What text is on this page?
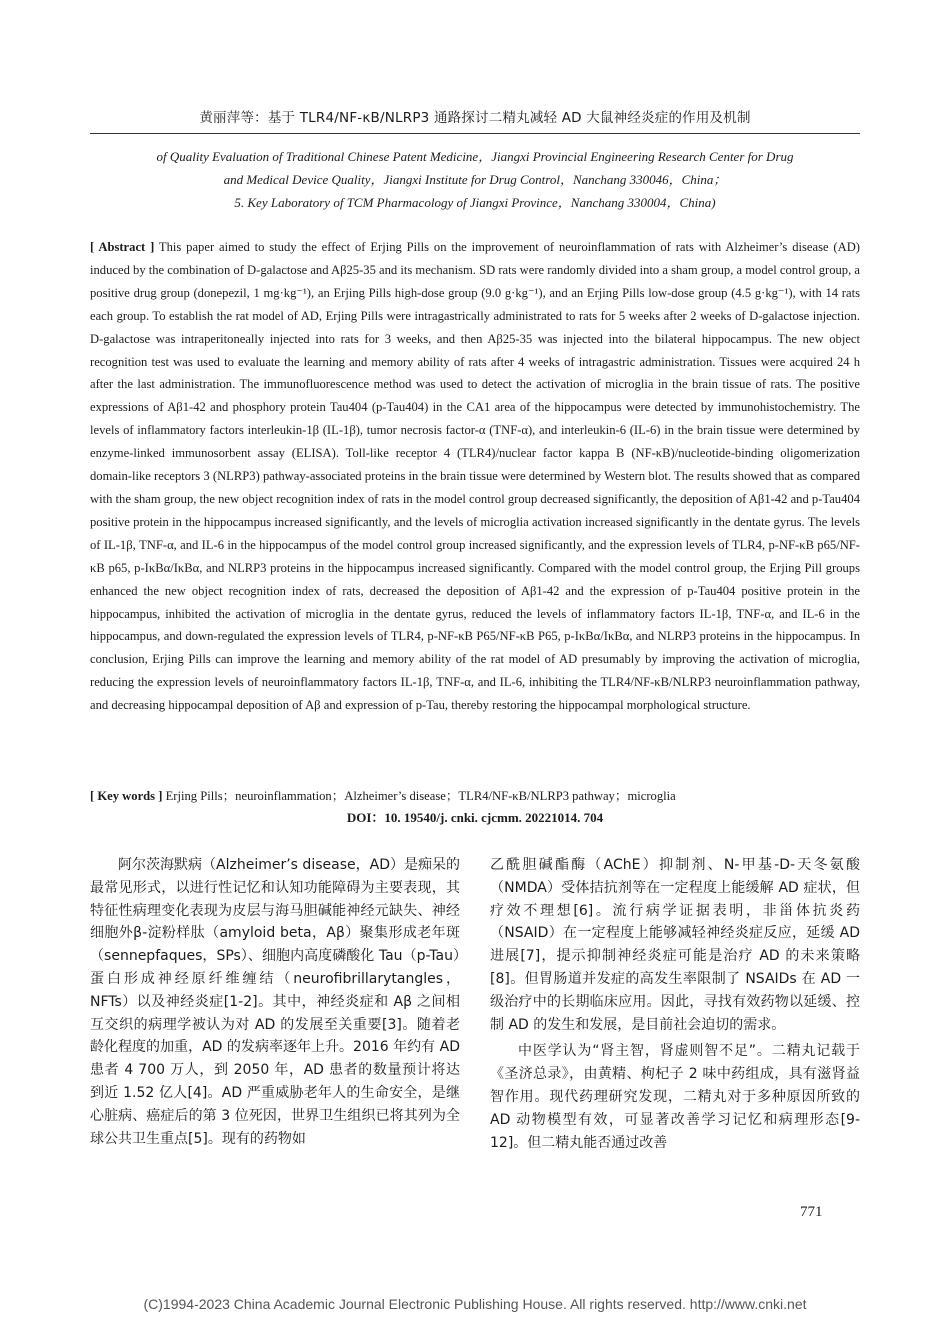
黄丽萍等：基于 TLR4/NF-κB/NLRP3 通路探讨二精丸减轻 AD 大鼠神经炎症的作用及机制
of Quality Evaluation of Traditional Chinese Patent Medicine，Jiangxi Provincial Engineering Research Center for Drug
and Medical Device Quality，Jiangxi Institute for Drug Control，Nanchang 330046，China；
5. Key Laboratory of TCM Pharmacology of Jiangxi Province，Nanchang 330004，China)
[ Abstract ] This paper aimed to study the effect of Erjing Pills on the improvement of neuroinflammation of rats with Alzheimer’s disease (AD) induced by the combination of D-galactose and Aβ25-35 and its mechanism. SD rats were randomly divided into a sham group, a model control group, a positive drug group (donepezil, 1 mg·kg⁻¹), an Erjing Pills high-dose group (9.0 g·kg⁻¹), and an Erjing Pills low-dose group (4.5 g·kg⁻¹), with 14 rats each group. To establish the rat model of AD, Erjing Pills were intragastrically administrated to rats for 5 weeks after 2 weeks of D-galactose injection. D-galactose was intraperitoneally injected into rats for 3 weeks, and then Aβ25-35 was injected into the bilateral hippocampus. The new object recognition test was used to evaluate the learning and memory ability of rats after 4 weeks of intragastric administration. Tissues were acquired 24 h after the last administration. The immunofluorescence method was used to detect the activation of microglia in the brain tissue of rats. The positive expressions of Aβ1-42 and phosphory protein Tau404 (p-Tau404) in the CA1 area of the hippocampus were detected by immunohistochemistry. The levels of inflammatory factors interleukin-1β (IL-1β), tumor necrosis factor-α (TNF-α), and interleukin-6 (IL-6) in the brain tissue were determined by enzyme-linked immunosorbent assay (ELISA). Toll-like receptor 4 (TLR4)/nuclear factor kappa B (NF-κB)/nucleotide-binding oligomerization domain-like receptors 3 (NLRP3) pathway-associated proteins in the brain tissue were determined by Western blot. The results showed that as compared with the sham group, the new object recognition index of rats in the model control group decreased significantly, the deposition of Aβ1-42 and p-Tau404 positive protein in the hippocampus increased significantly, and the levels of microglia activation increased significantly in the dentate gyrus. The levels of IL-1β, TNF-α, and IL-6 in the hippocampus of the model control group increased significantly, and the expression levels of TLR4, p-NF-κB p65/NF-κB p65, p-IκBα/IκBα, and NLRP3 proteins in the hippocampus increased significantly. Compared with the model control group, the Erjing Pill groups enhanced the new object recognition index of rats, decreased the deposition of Aβ1-42 and the expression of p-Tau404 positive protein in the hippocampus, inhibited the activation of microglia in the dentate gyrus, reduced the levels of inflammatory factors IL-1β, TNF-α, and IL-6 in the hippocampus, and down-regulated the expression levels of TLR4, p-NF-κB P65/NF-κB P65, p-IκBα/IκBα, and NLRP3 proteins in the hippocampus. In conclusion, Erjing Pills can improve the learning and memory ability of the rat model of AD presumably by improving the activation of microglia, reducing the expression levels of neuroinflammatory factors IL-1β, TNF-α, and IL-6, inhibiting the TLR4/NF-κB/NLRP3 neuroinflammation pathway, and decreasing hippocampal deposition of Aβ and expression of p-Tau, thereby restoring the hippocampal morphological structure.
[ Key words ] Erjing Pills；neuroinflammation；Alzheimer’s disease；TLR4/NF-κB/NLRP3 pathway；microglia
DOI：10. 19540/j. cnki. cjcmm. 20221014. 704

阿尔茨海默病（Alzheimer’s disease，AD）是痴呆的最常见形式，以进行性记忆和认知功能障碍为主要表现，其特征性病理变化表现为皮层与海马胆碱能神经元缺失、神经细胞外β-淀粉样肽（amyloid beta，Aβ）聚集形成老年斑（sennepfaques，SPs）、细胞内高度磷酸化 Tau（p-Tau）蛋白形成神经原纤维缠结（neurofibrillarytangles，NFTs）以及神经炎症[1-2]。其中，神经炎症和 Aβ 之间相互交织的病理学被认为对 AD 的发展至关重要[3]。随着老龄化程度的加重，AD 的发病率逐年上升。2016 年约有 AD 患者 4 700 万人，到 2050 年，AD 患者的数量预计将达到近 1.52 亿人[4]。AD 严重威胁老年人的生命安全，是继心脏病、癌症后的第 3 位死因，世界卫生组织已将其列为全球公共卫生重点[5]。现有的药物如

乙酰胆碱酯酶（AChE）抑制剂、N-甲基-D-天冬氨酸（NMDA）受体拮抗剂等在一定程度上能缓解 AD 症状，但疗效不理想[6]。流行病学证据表明，非甾体抗炎药（NSAID）在一定程度上能够减轻神经炎症反应，延缓 AD 进展[7]，提示抑制神经炎症可能是治疗 AD 的未来策略[8]。但胃肠道并发症的高发生率限制了 NSAIDs 在 AD 一级治疗中的长期临床应用。因此，寻找有效药物以延缓、控制 AD 的发生和发展，是目前社会迫切的需求。

中医学认为“肾主智，肾虚则智不足”。二精丸记载于《圣济总录》，由黄精、枸杞子 2 味中药组成，具有滋肾益智作用。现代药理研究发现，二精丸对于多种原因所致的 AD 动物模型有效，可显著改善学习记忆和病理形态[9-12]。但二精丸能否通过改善

771
(C)1994-2023 China Academic Journal Electronic Publishing House. All rights reserved. http://www.cnki.net
